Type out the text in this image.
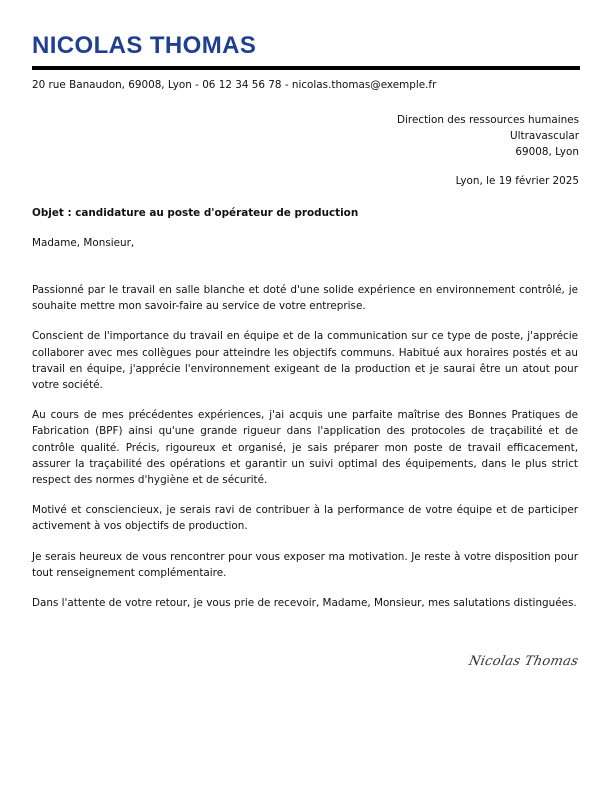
NICOLAS THOMAS
20 rue Banaudon, 69008, Lyon - 06 12 34 56 78 - nicolas.thomas@exemple.fr
Direction des ressources humaines
Ultravascular
69008, Lyon
Lyon, le 19 février 2025
Objet : candidature au poste d'opérateur de production
Madame, Monsieur,

Passionné par le travail en salle blanche et doté d'une solide expérience en environnement contrôlé, je souhaite mettre mon savoir-faire au service de votre entreprise.

Conscient de l'importance du travail en équipe et de la communication sur ce type de poste, j'apprécie collaborer avec mes collègues pour atteindre les objectifs communs. Habitué aux horaires postés et au travail en équipe, j'apprécie l'environnement exigeant de la production et je saurai être un atout pour votre société.

Au cours de mes précédentes expériences, j'ai acquis une parfaite maîtrise des Bonnes Pratiques de Fabrication (BPF) ainsi qu'une grande rigueur dans l'application des protocoles de traçabilité et de contrôle qualité. Précis, rigoureux et organisé, je sais préparer mon poste de travail efficacement, assurer la traçabilité des opérations et garantir un suivi optimal des équipements, dans le plus strict respect des normes d'hygiène et de sécurité.

Motivé et consciencieux, je serais ravi de contribuer à la performance de votre équipe et de participer activement à vos objectifs de production.

Je serais heureux de vous rencontrer pour vous exposer ma motivation. Je reste à votre disposition pour tout renseignement complémentaire.

Dans l'attente de votre retour, je vous prie de recevoir, Madame, Monsieur, mes salutations distinguées.

Nicolas Thomas
